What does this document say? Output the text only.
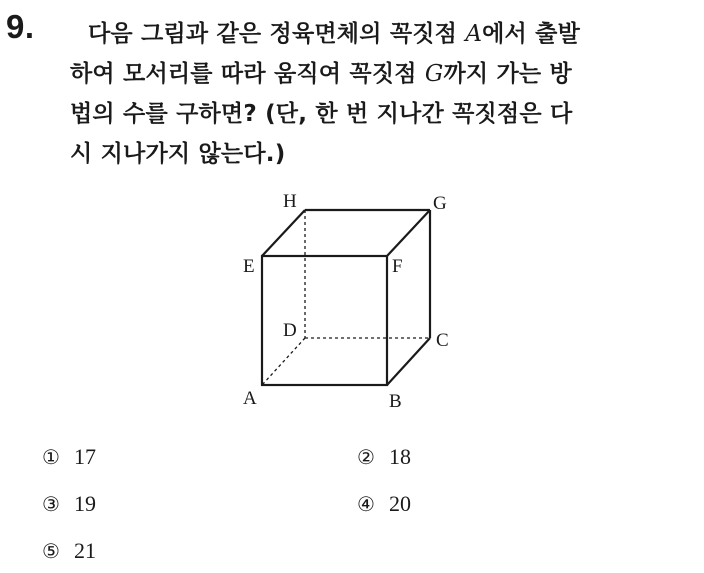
9.	다음 그림과 같은 정육면체의 꼭짓점 A에서 출발
하여 모서리를 따라 움직여 꼭짓점 G까지 가는 방
법의 수를 구하면? (단, 한 번 지나간 꼭짓점은 다
시 지나가지 않는다.)
H	G
E	F
D	C
A	B
① 17	② 18
③ 19	④ 20
⑤ 21
